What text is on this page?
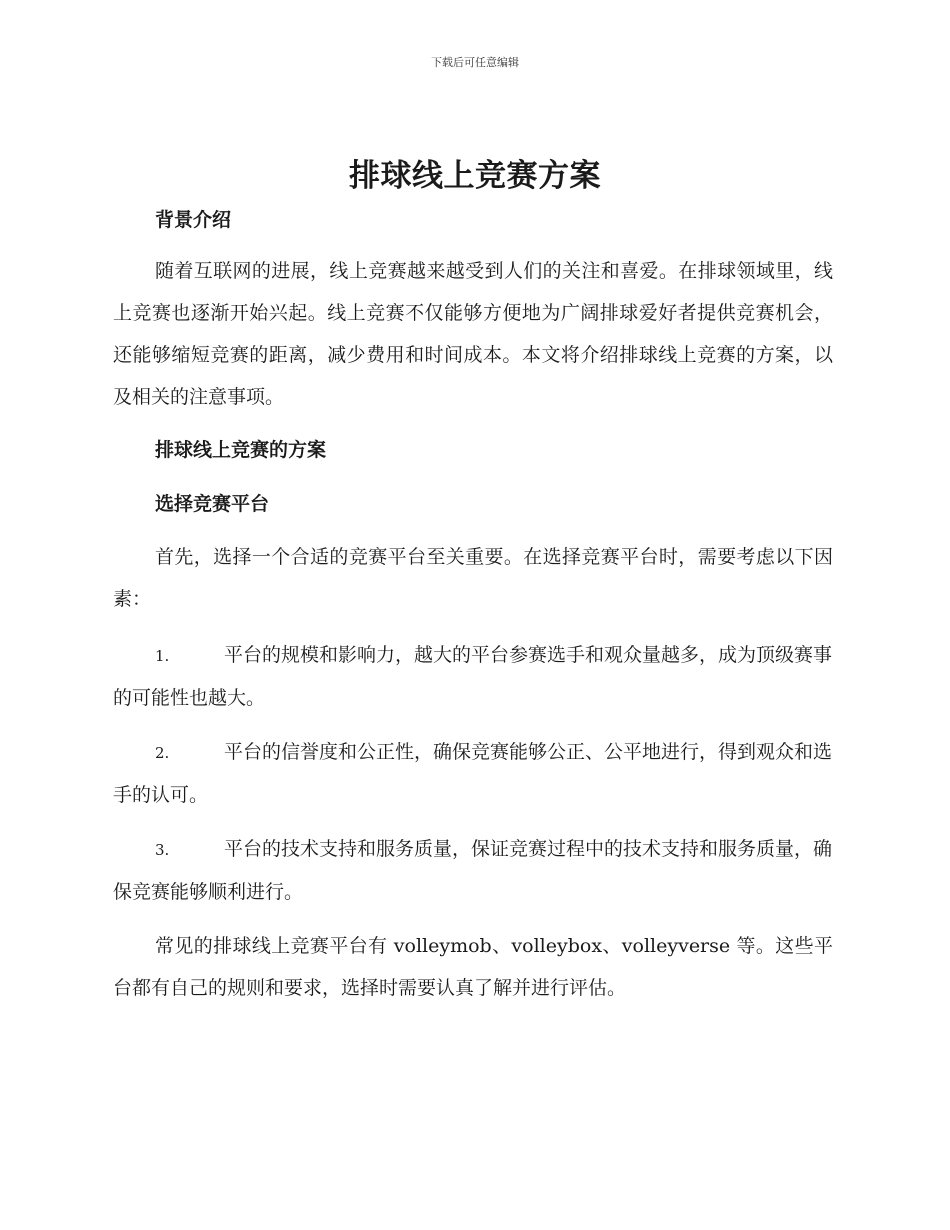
下载后可任意编辑
排球线上竞赛方案

背景介绍

随着互联网的进展，线上竞赛越来越受到人们的关注和喜爱。在排球领域里，线上竞赛也逐渐开始兴起。线上竞赛不仅能够方便地为广阔排球爱好者提供竞赛机会，还能够缩短竞赛的距离，减少费用和时间成本。本文将介绍排球线上竞赛的方案，以及相关的注意事项。

排球线上竞赛的方案

选择竞赛平台

首先，选择一个合适的竞赛平台至关重要。在选择竞赛平台时，需要考虑以下因素：

1.	平台的规模和影响力，越大的平台参赛选手和观众量越多，成为顶级赛事的可能性也越大。

2.	平台的信誉度和公正性，确保竞赛能够公正、公平地进行，得到观众和选手的认可。

3.	平台的技术支持和服务质量，保证竞赛过程中的技术支持和服务质量，确保竞赛能够顺利进行。

常见的排球线上竞赛平台有 volleymob、volleybox、volleyverse 等。这些平台都有自己的规则和要求，选择时需要认真了解并进行评估。
